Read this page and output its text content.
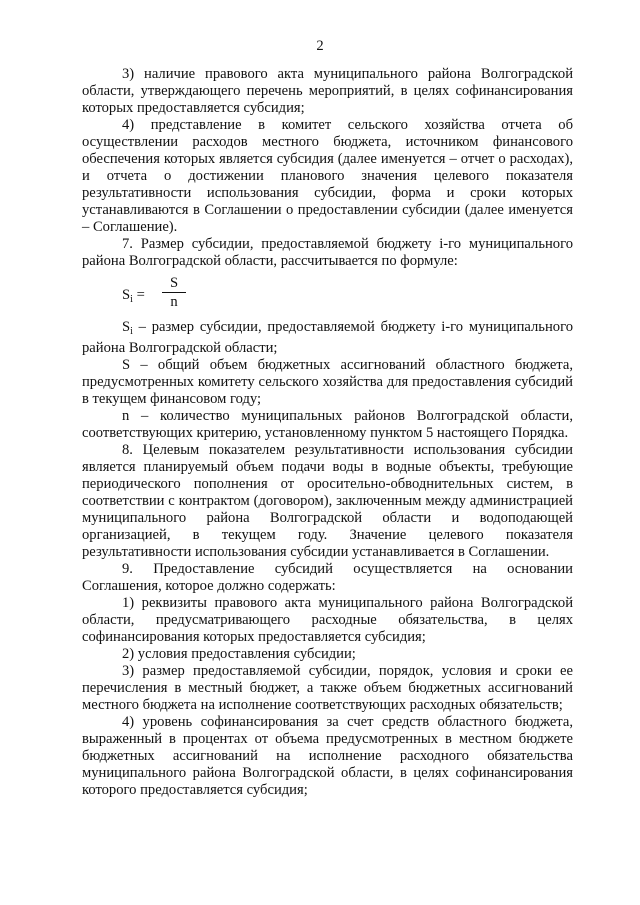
2

3) наличие правового акта муниципального района Волгоградской области, утверждающего перечень мероприятий, в целях софинансирования которых предоставляется субсидия;

4) представление в комитет сельского хозяйства отчета об осуществлении расходов местного бюджета, источником финансового обеспечения которых является субсидия (далее именуется – отчет о расходах), и отчета о достижении планового значения целевого показателя результативности использования субсидии, форма и сроки которых устанавливаются в Соглашении о предоставлении субсидии (далее именуется – Соглашение).

7. Размер субсидии, предоставляемой бюджету i-го муниципального района Волгоградской области, рассчитывается по формуле:

$S_i$ =
S
n

$S_i$ – размер субсидии, предоставляемой бюджету i-го муниципального района Волгоградской области;

S – общий объем бюджетных ассигнований областного бюджета, предусмотренных комитету сельского хозяйства для предоставления субсидий в текущем финансовом году;

n – количество муниципальных районов Волгоградской области, соответствующих критерию, установленному пунктом 5 настоящего Порядка.

8. Целевым показателем результативности использования субсидии является планируемый объем подачи воды в водные объекты, требующие периодического пополнения от оросительно-обводнительных систем, в соответствии с контрактом (договором), заключенным между администрацией муниципального района Волгоградской области и водоподающей организацией, в текущем году. Значение целевого показателя результативности использования субсидии устанавливается в Соглашении.

9. Предоставление субсидий осуществляется на основании Соглашения, которое должно содержать:

1) реквизиты правового акта муниципального района Волгоградской области, предусматривающего расходные обязательства, в целях софинансирования которых предоставляется субсидия;

2) условия предоставления субсидии;

3) размер предоставляемой субсидии, порядок, условия и сроки ее перечисления в местный бюджет, а также объем бюджетных ассигнований местного бюджета на исполнение соответствующих расходных обязательств;

4) уровень софинансирования за счет средств областного бюджета, выраженный в процентах от объема предусмотренных в местном бюджете бюджетных ассигнований на исполнение расходного обязательства муниципального района Волгоградской области, в целях софинансирования которого предоставляется субсидия;
